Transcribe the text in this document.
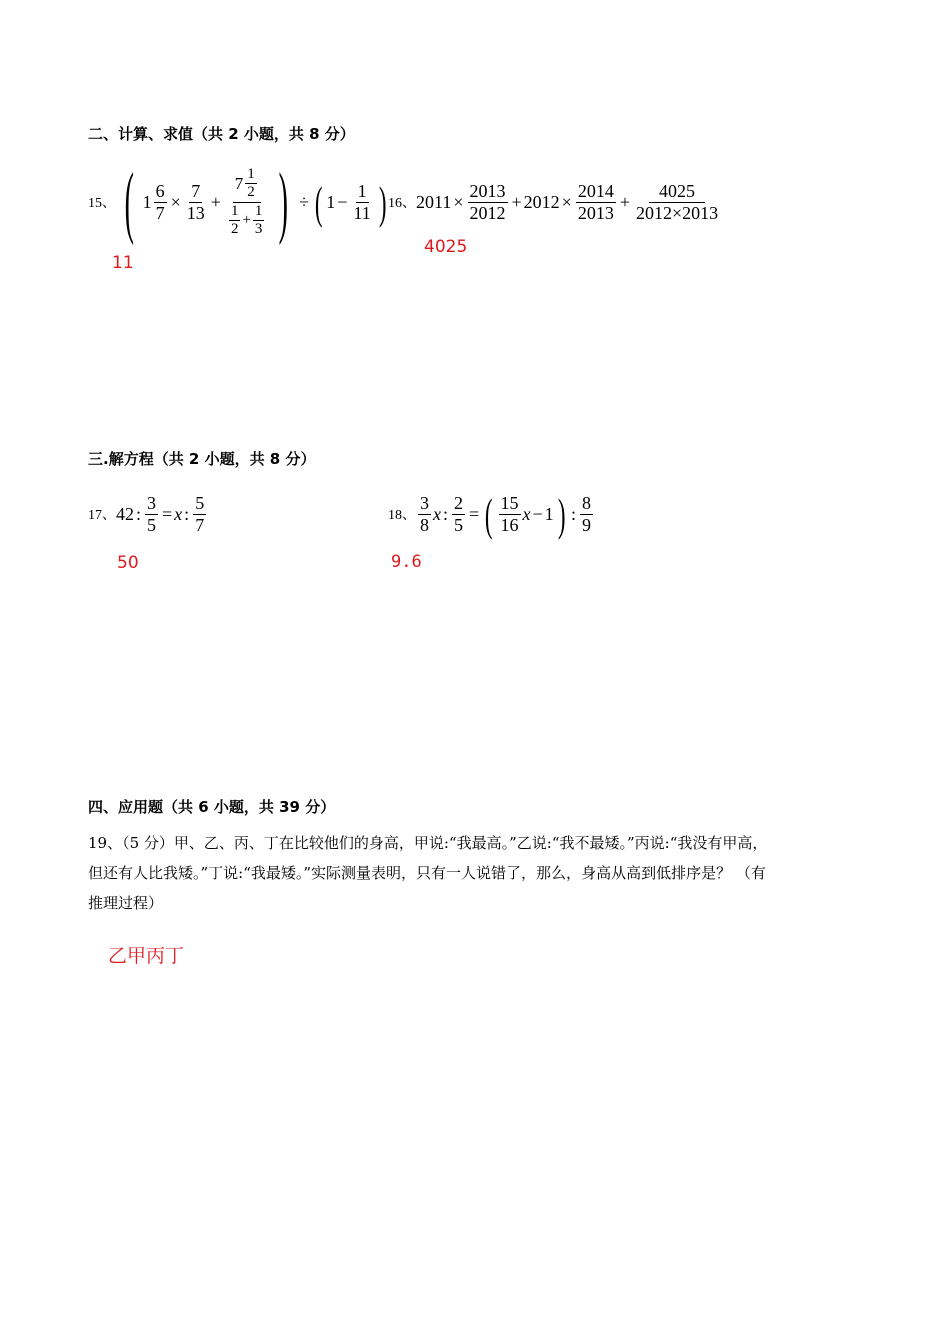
二、计算、求值（共 2 小题，共 8 分）
15、 ( $1 \frac{6}{7} \times \frac{7}{13} + \frac{7 \frac{1}{2}}{\frac{1}{2} + \frac{1}{3}}$ ) ÷ ( $1 - \frac{1}{11}$ )
11
16、 $2011 \times \frac{2013}{2012} + 2012 \times \frac{2014}{2013} + \frac{4025}{2012\times 2013}$
4025
三.解方程（共 2 小题，共 8 分）
17、 42 : $\frac{3}{5} = x$ : $\frac{5}{7}$
50
18、 $\frac{3}{8}$ x : $\frac{2}{5}$ = ( $\frac{15}{16}$ x − 1 ) : $\frac{8}{9}$
9.6
四、应用题（共 6 小题，共 39 分）
19、（5 分）甲、乙、丙、丁在比较他们的身高，甲说:“我最高。”乙说:“我不最矮。”丙说:“我没有甲高，
但还有人比我矮。”丁说:“我最矮。”实际测量表明，只有一人说错了，那么，身高从高到低排序是？ （有
推理过程）
乙甲丙丁
